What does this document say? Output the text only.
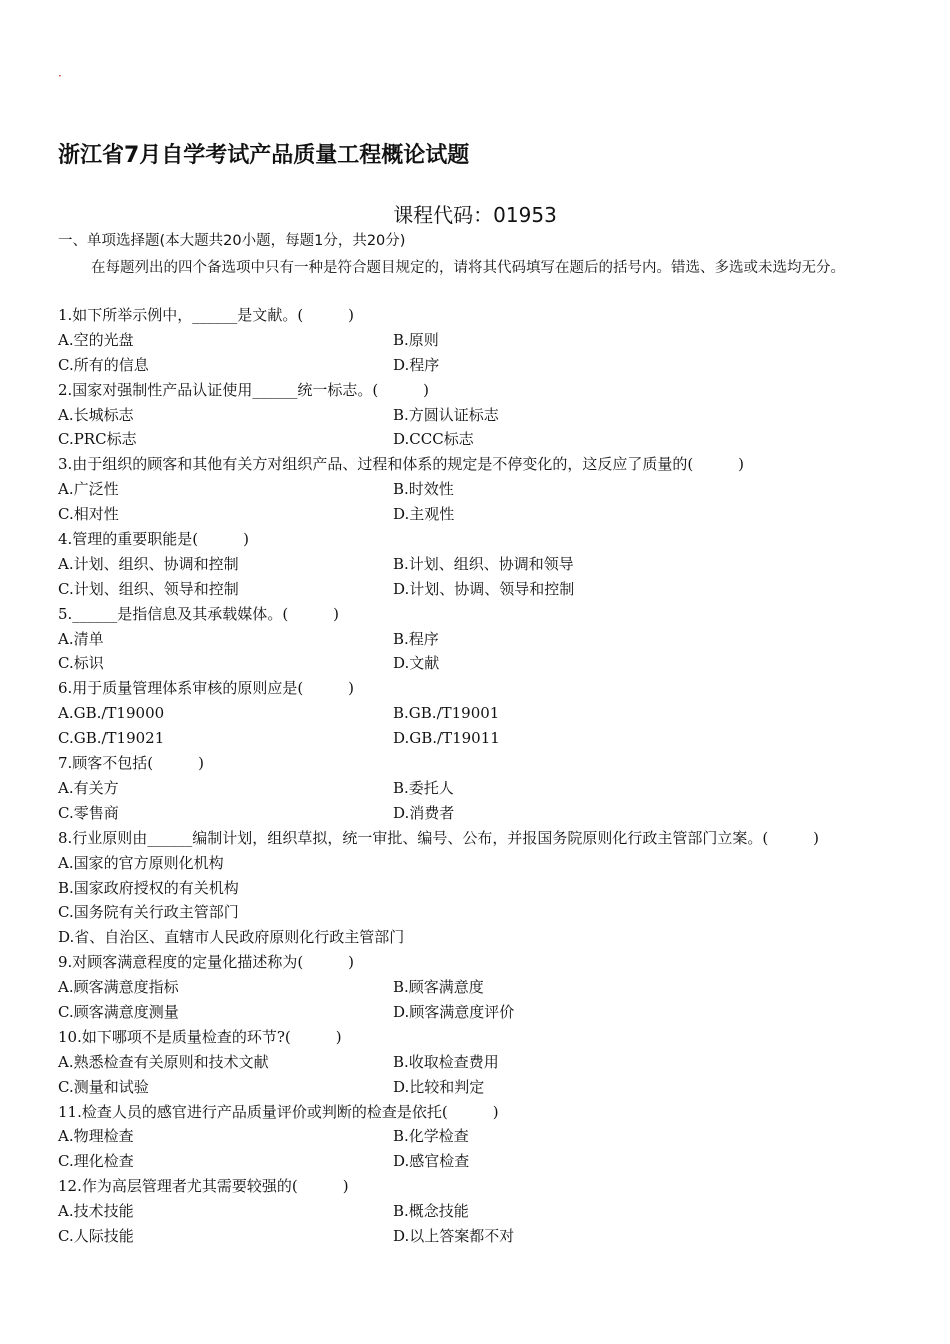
·
浙江省7月自学考试产品质量工程概论试题
课程代码：01953
一、单项选择题(本大题共20小题，每题1分，共20分)
在每题列出的四个备选项中只有一种是符合题目规定的，请将其代码填写在题后的括号内。错选、多选或未选均无分。
1.如下所举示例中，______是文献。(　　　)
A.空的光盘	B.原则
C.所有的信息	D.程序
2.国家对强制性产品认证使用______统一标志。(　　　)
A.长城标志	B.方圆认证标志
C.PRC标志	D.CCC标志
3.由于组织的顾客和其他有关方对组织产品、过程和体系的规定是不停变化的，这反应了质量的(　　　)
A.广泛性	B.时效性
C.相对性	D.主观性
4.管理的重要职能是(　　　)
A.计划、组织、协调和控制	B.计划、组织、协调和领导
C.计划、组织、领导和控制	D.计划、协调、领导和控制
5.______是指信息及其承载媒体。(　　　)
A.清单	B.程序
C.标识	D.文献
6.用于质量管理体系审核的原则应是(　　　)
A.GB./T19000	B.GB./T19001
C.GB./T19021	D.GB./T19011
7.顾客不包括(　　　)
A.有关方	B.委托人
C.零售商	D.消费者
8.行业原则由______编制计划，组织草拟，统一审批、编号、公布，并报国务院原则化行政主管部门立案。(　　　)
A.国家的官方原则化机构
B.国家政府授权的有关机构
C.国务院有关行政主管部门
D.省、自治区、直辖市人民政府原则化行政主管部门
9.对顾客满意程度的定量化描述称为(　　　)
A.顾客满意度指标	B.顾客满意度
C.顾客满意度测量	D.顾客满意度评价
10.如下哪项不是质量检查的环节?(　　　)
A.熟悉检查有关原则和技术文献	B.收取检查费用
C.测量和试验	D.比较和判定
11.检查人员的感官进行产品质量评价或判断的检查是依托(　　　)
A.物理检查	B.化学检查
C.理化检查	D.感官检查
12.作为高层管理者尤其需要较强的(　　　)
A.技术技能	B.概念技能
C.人际技能	D.以上答案都不对
